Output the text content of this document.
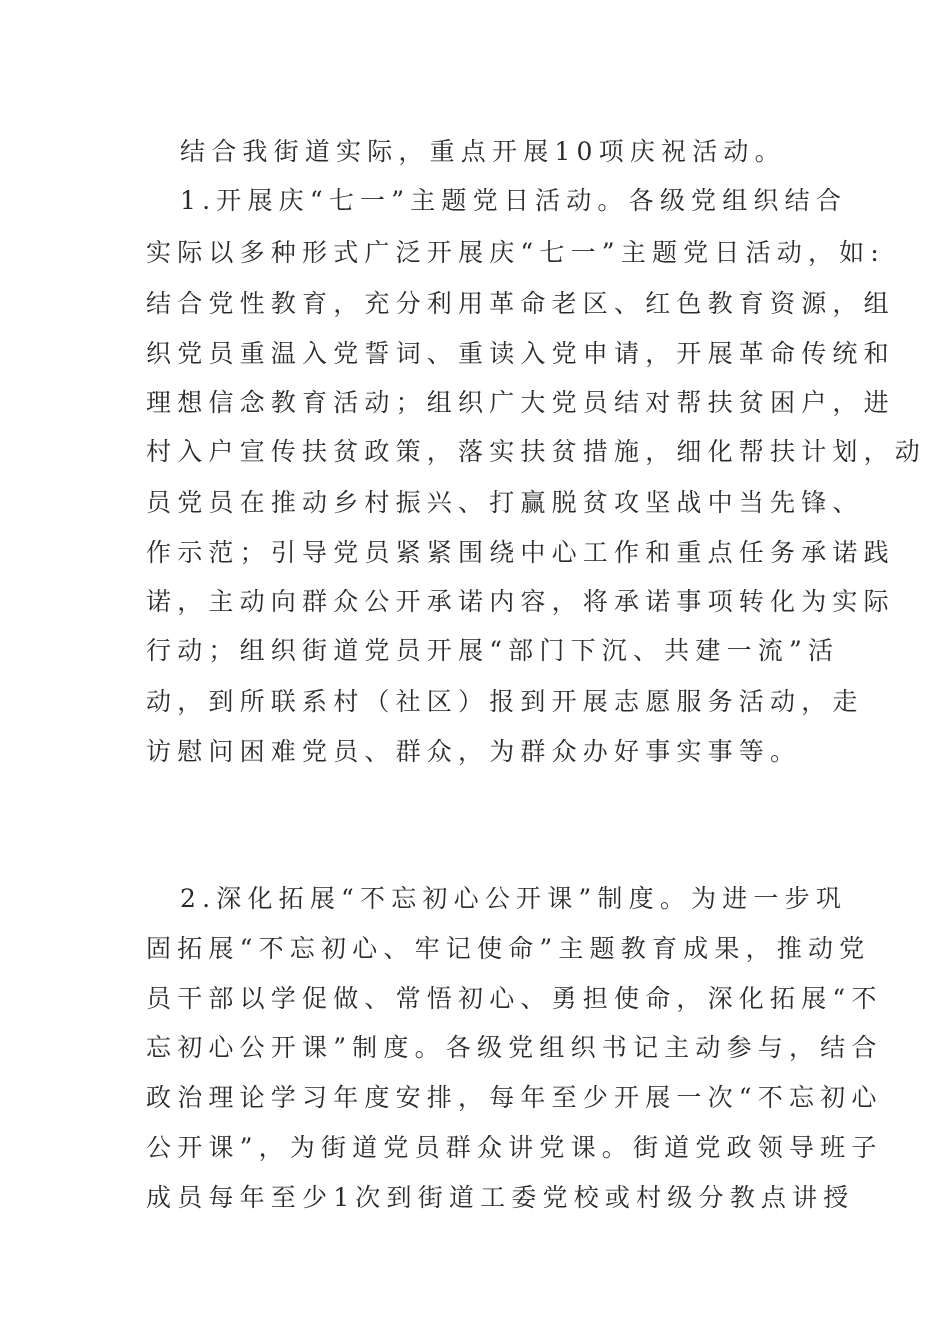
结合我街道实际，重点开展10项庆祝活动。
1.开展庆“七一”主题党日活动。各级党组织结合
实际以多种形式广泛开展庆“七一”主题党日活动，如:
结合党性教育，充分利用革命老区、红色教育资源，组
织党员重温入党誓词、重读入党申请，开展革命传统和
理想信念教育活动；组织广大党员结对帮扶贫困户，进
村入户宣传扶贫政策，落实扶贫措施，细化帮扶计划，动
员党员在推动乡村振兴、打赢脱贫攻坚战中当先锋、
作示范；引导党员紧紧围绕中心工作和重点任务承诺践
诺，主动向群众公开承诺内容，将承诺事项转化为实际
行动；组织街道党员开展“部门下沉、共建一流”活
动，到所联系村（社区）报到开展志愿服务活动，走
访慰问困难党员、群众，为群众办好事实事等。
2.深化拓展“不忘初心公开课”制度。为进一步巩
固拓展“不忘初心、牢记使命”主题教育成果，推动党
员干部以学促做、常悟初心、勇担使命，深化拓展“不
忘初心公开课”制度。各级党组织书记主动参与，结合
政治理论学习年度安排，每年至少开展一次“不忘初心
公开课”，为街道党员群众讲党课。街道党政领导班子
成员每年至少1次到街道工委党校或村级分教点讲授
